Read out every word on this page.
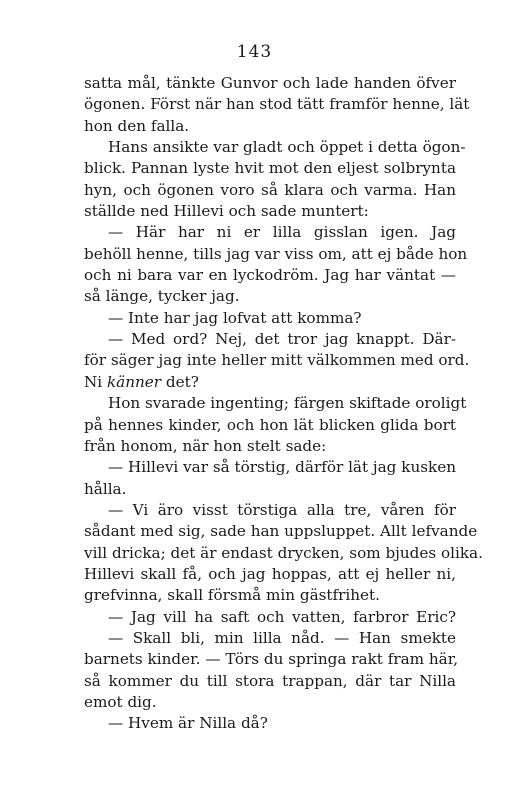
143
satta mål, tänkte Gunvor och lade handen öfver
ögonen. Först när han stod tätt framför henne, lät
hon den falla.
Hans ansikte var gladt och öppet i detta ögon-
blick. Pannan lyste hvit mot den eljest solbrynta
hyn, och ögonen voro så klara och varma. Han
ställde ned Hillevi och sade muntert:
— Här har ni er lilla gisslan igen. Jag
behöll henne, tills jag var viss om, att ej både hon
och ni bara var en lyckodröm. Jag har väntat —
så länge, tycker jag.
— Inte har jag lofvat att komma?
— Med ord? Nej, det tror jag knappt. Där-
för säger jag inte heller mitt välkommen med ord.
Ni känner det?
Hon svarade ingenting; färgen skiftade oroligt
på hennes kinder, och hon lät blicken glida bort
från honom, när hon stelt sade:
— Hillevi var så törstig, därför lät jag kusken
hålla.
— Vi äro visst törstiga alla tre, våren för
sådant med sig, sade han uppsluppet. Allt lefvande
vill dricka; det är endast drycken, som bjudes olika.
Hillevi skall få, och jag hoppas, att ej heller ni,
grefvinna, skall försmå min gästfrihet.
— Jag vill ha saft och vatten, farbror Eric?
— Skall bli, min lilla nåd. — Han smekte
barnets kinder. — Törs du springa rakt fram här,
så kommer du till stora trappan, där tar Nilla
emot dig.
— Hvem är Nilla då?
